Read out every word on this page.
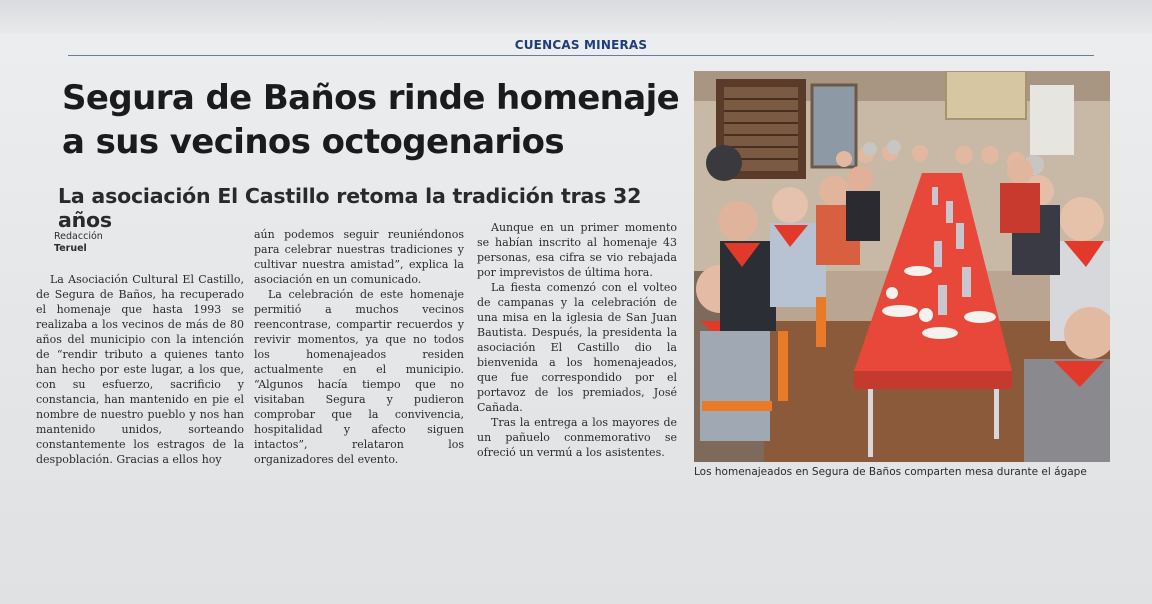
CUENCAS MINERAS
Segura de Baños rinde homenaje
a sus vecinos octogenarios
La asociación El Castillo retoma la tradición tras 32 años
Redacción
Teruel

La Asociación Cultural El Castillo, de Segura de Baños, ha recuperado el homenaje que hasta 1993 se realizaba a los vecinos de más de 80 años del municipio con la intención de “rendir tributo a quienes tanto han hecho por este lugar, a los que, con su esfuerzo, sacrificio y constancia, han mantenido en pie el nombre de nuestro pueblo y nos han mantenido unidos, sorteando constantemente los estragos de la despoblación. Gracias a ellos hoy

aún podemos seguir reuniéndonos para celebrar nuestras tradiciones y cultivar nuestra amistad”, explica la asociación en un comunicado.

La celebración de este homenaje permitió a muchos vecinos reencontrase, compartir recuerdos y revivir momentos, ya que no todos los homenajeados residen actualmente en el municipio. “Algunos hacía tiempo que no visitaban Segura y pudieron comprobar que la convivencia, hospitalidad y afecto siguen intactos”, relataron los organizadores del evento.

Aunque en un primer momento se habían inscrito al homenaje 43 personas, esa cifra se vio rebajada por imprevistos de última hora.

La fiesta comenzó con el volteo de campanas y la celebración de una misa en la iglesia de San Juan Bautista. Después, la presidenta la asociación El Castillo dio la bienvenida a los homenajeados, que fue correspondido por el portavoz de los premiados, José Cañada.

Tras la entrega a los mayores de un pañuelo conmemorativo se ofreció un vermú a los asistentes.

Los homenajeados en Segura de Baños comparten mesa durante el ágape
